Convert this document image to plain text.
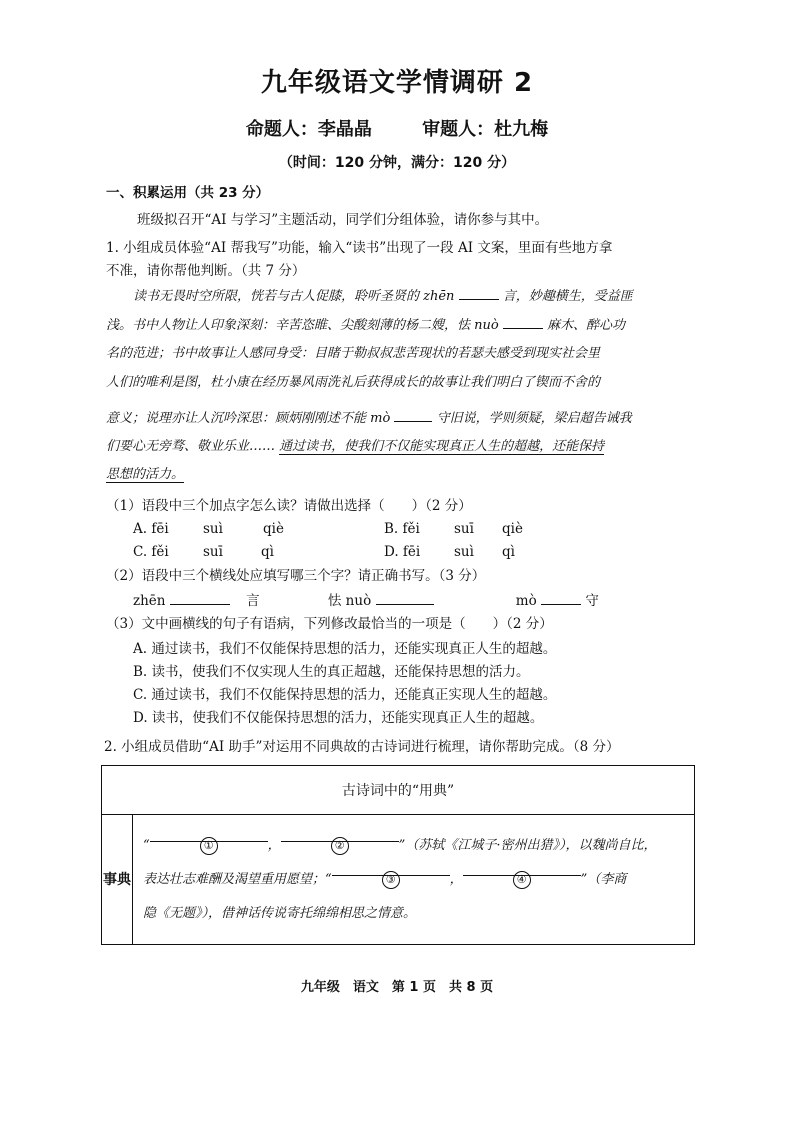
九年级语文学情调研 2
命题人：李晶晶	审题人：杜九梅
（时间：120 分钟，满分：120 分）
一、积累运用（共 23 分）
班级拟召开“AI 与学习”主题活动，同学们分组体验，请你参与其中。
1. 小组成员体验“AI 帮我写”功能，输入“读书”出现了一段 AI 文案，里面有些地方拿
不准，请你帮他判断。（共 7 分）
读书无畏时空所限，恍若与古人促膝，聆听圣贤的 zhēn	言，妙趣横生，受益匪
浅。书中人物让人印象深刻：辛苦恣睢、尖酸刻薄的杨二嫂，怯 nuò	麻木、醉心功
名的范进；书中故事让人感同身受：目睹于勒叔叔悲苦现状的若瑟夫感受到现实社会里
人们的唯利是图，杜小康在经历暴风雨洗礼后获得成长的故事让我们明白了锲而不舍的
意义；说理亦让人沉吟深思：顾炳刚刚述不能 mò	守旧说，学则须疑，梁启超告诫我
们要心无旁骛、敬业乐业…… 通过读书，使我们不仅能实现真正人生的超越，还能保持
思想的活力。
（1）语段中三个加点字怎么读？请做出选择（　　）（2 分）
A. fēi	suì	qiè	B. fěi	suī qiè
C. fěi	suī	qì	D. fēi	suì qì
（2）语段中三个横线处应填写哪三个字？请正确书写。（3 分）
zhēn	言	怯 nuò	mò	守
（3）文中画横线的句子有语病，下列修改最恰当的一项是（　　）（2 分）
A. 通过读书，我们不仅能保持思想的活力，还能实现真正人生的超越。
B. 读书，使我们不仅实现人生的真正超越，还能保持思想的活力。
C. 通过读书，我们不仅能保持思想的活力，还能真正实现人生的超越。
D. 读书，使我们不仅能保持思想的活力，还能实现真正人生的超越。
2. 小组成员借助“AI 助手”对运用不同典故的古诗词进行梳理，请你帮助完成。（8 分）
古诗词中的“用典”
事典	
“	①	，	②	”（苏轼《江城子·密州出猎》），以魏尚自比，
表达壮志难酬及渴望重用愿望；“	③	，	④	”（李商
隐《无题》），借神话传说寄托绵绵相思之情意。
九年级　语文　第 1 页　共 8 页
